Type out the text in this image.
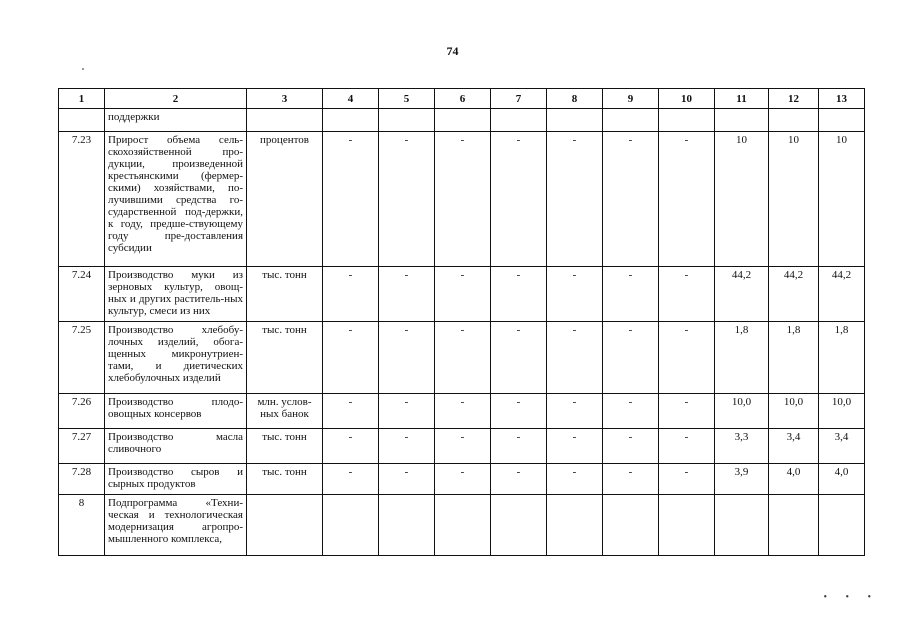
74
1	2	3	4	5	6	7	8	9	10	11	12	13
	поддержки											
7.23	Прирост объема сель-скохозяйственной про-дукции, произведенной крестьянскими (фермер-скими) хозяйствами, по-лучившими средства го-сударственной под-держки, к году, предше-ствующему году пре-доставления субсидии	процентов	-	-	-	-	-	-	-	10	10	10
7.24	Производство муки из зерновых культур, овощ-ных и других раститель-ных культур, смеси из них	тыс. тонн	-	-	-	-	-	-	-	44,2	44,2	44,2
7.25	Производство хлебобу-лочных изделий, обога-щенных микронутриен-тами, и диетических хлебобулочных изделий	тыс. тонн	-	-	-	-	-	-	-	1,8	1,8	1,8
7.26	Производство плодо-овощных консервов	млн. услов-ных банок	-	-	-	-	-	-	-	10,0	10,0	10,0
7.27	Производство масла сливочного	тыс. тонн	-	-	-	-	-	-	-	3,3	3,4	3,4
7.28	Производство сыров и сырных продуктов	тыс. тонн	-	-	-	-	-	-	-	3,9	4,0	4,0
8	Подпрограмма «Техни-ческая и технологическая модернизация агропро-мышленного комплекса,											
• • •
